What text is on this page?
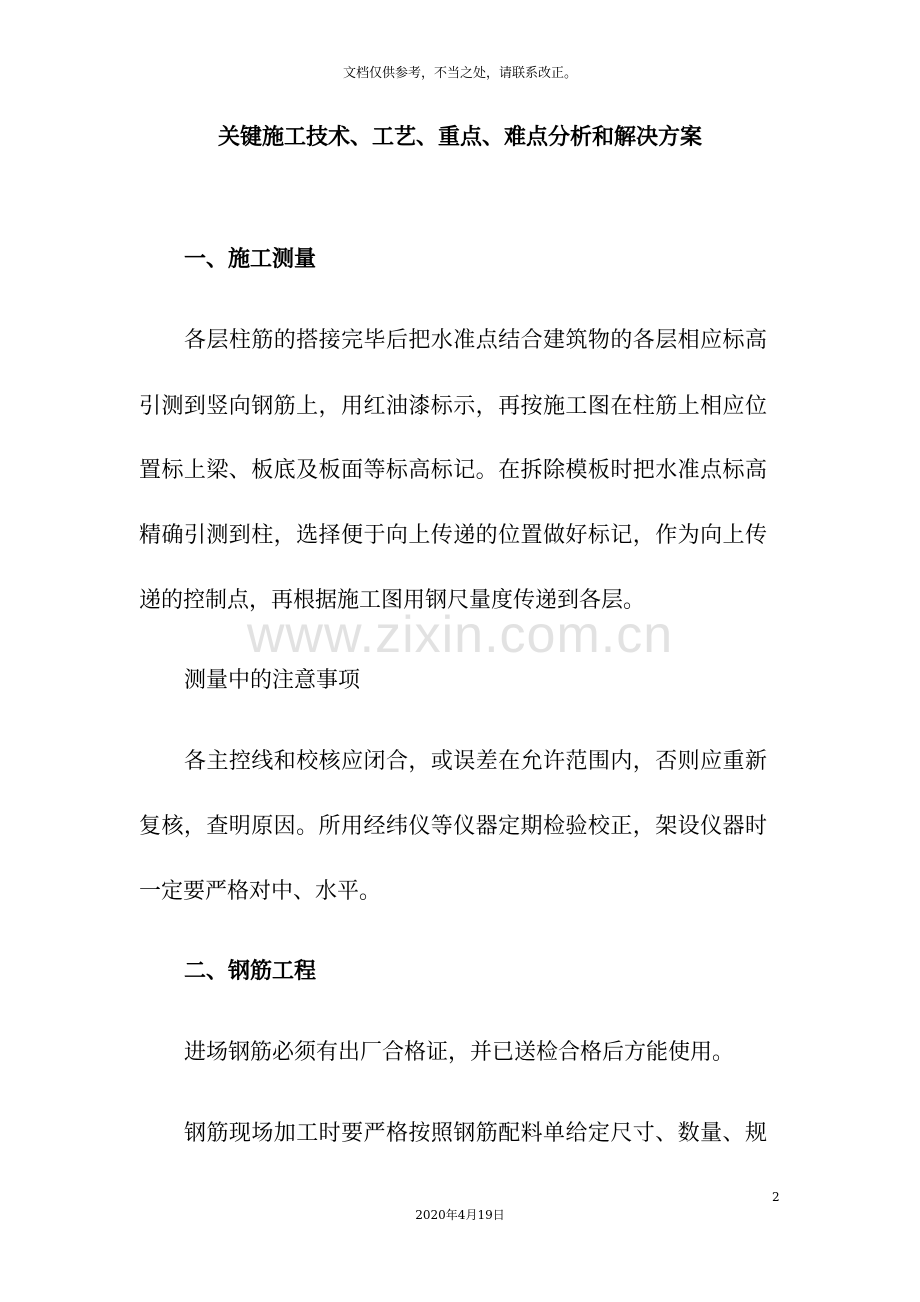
文档仅供参考，不当之处，请联系改正。
关键施工技术、工艺、重点、难点分析和解决方案
一、施工测量
各层柱筋的搭接完毕后把水准点结合建筑物的各层相应标高
引测到竖向钢筋上，用红油漆标示，再按施工图在柱筋上相应位
置标上梁、板底及板面等标高标记。在拆除模板时把水准点标高
精确引测到柱，选择便于向上传递的位置做好标记，作为向上传
递的控制点，再根据施工图用钢尺量度传递到各层。
测量中的注意事项
各主控线和校核应闭合，或误差在允许范围内，否则应重新
复核，查明原因。所用经纬仪等仪器定期检验校正，架设仪器时
一定要严格对中、水平。
二、钢筋工程
进场钢筋必须有出厂合格证，并已送检合格后方能使用。
钢筋现场加工时要严格按照钢筋配料单给定尺寸、数量、规
www.zixin.com.cn
2
2020年4月19日
